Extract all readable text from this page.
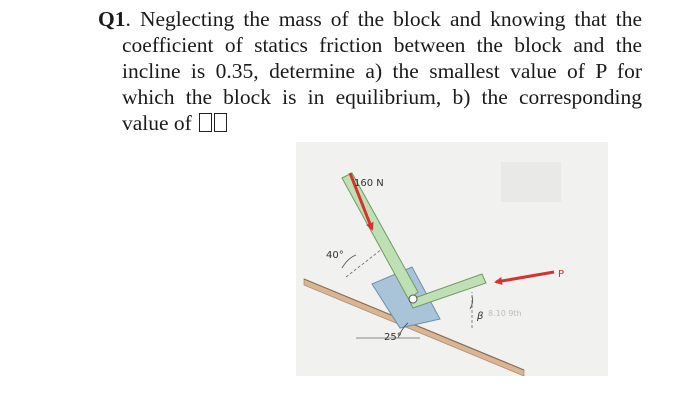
Q1. Neglecting the mass of the block and knowing that the coefficient of statics friction between the block and the incline is 0.35, determine a) the smallest value of P for which the block is in equilibrium, b) the corresponding value of
160 N
40°
25°
P
β 8.10 9th
